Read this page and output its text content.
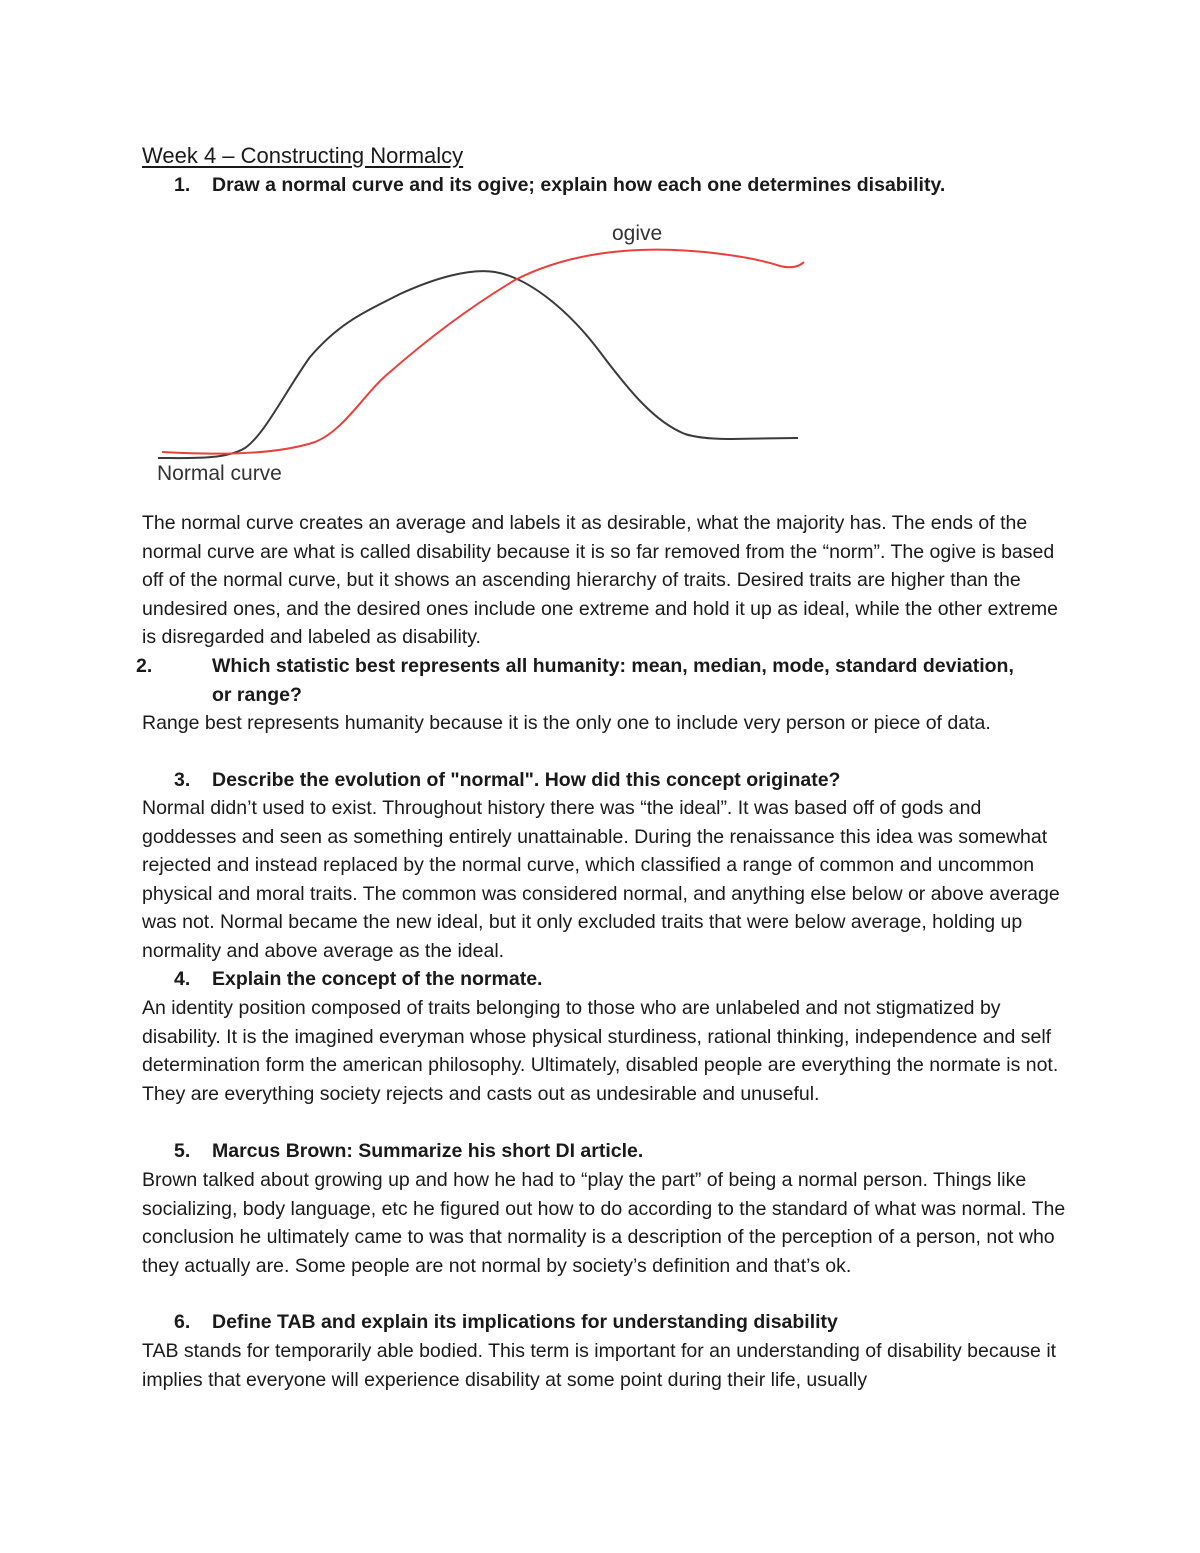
Week 4 – Constructing Normalcy
1. Draw a normal curve and its ogive; explain how each one determines disability.
ogive
Normal curve

The normal curve creates an average and labels it as desirable, what the majority has. The ends of the normal curve are what is called disability because it is so far removed from the “norm”. The ogive is based off of the normal curve, but it shows an ascending hierarchy of traits. Desired traits are higher than the undesired ones, and the desired ones include one extreme and hold it up as ideal, while the other extreme is disregarded and labeled as disability.

2.	Which statistic best represents all humanity: mean, median, mode, standard deviation, or range?

Range best represents humanity because it is the only one to include very person or piece of data.

3. Describe the evolution of "normal". How did this concept originate?

Normal didn’t used to exist. Throughout history there was “the ideal”. It was based off of gods and goddesses and seen as something entirely unattainable. During the renaissance this idea was somewhat rejected and instead replaced by the normal curve, which classified a range of common and uncommon physical and moral traits. The common was considered normal, and anything else below or above average was not. Normal became the new ideal, but it only excluded traits that were below average, holding up normality and above average as the ideal.

4. Explain the concept of the normate.

An identity position composed of traits belonging to those who are unlabeled and not stigmatized by disability. It is the imagined everyman whose physical sturdiness, rational thinking, independence and self determination form the american philosophy. Ultimately, disabled people are everything the normate is not. They are everything society rejects and casts out as undesirable and unuseful.

5. Marcus Brown: Summarize his short DI article.

Brown talked about growing up and how he had to “play the part” of being a normal person. Things like socializing, body language, etc he figured out how to do according to the standard of what was normal. The conclusion he ultimately came to was that normality is a description of the perception of a person, not who they actually are. Some people are not normal by society’s definition and that’s ok.

6. Define TAB and explain its implications for understanding disability

TAB stands for temporarily able bodied. This term is important for an understanding of disability because it implies that everyone will experience disability at some point during their life, usually
